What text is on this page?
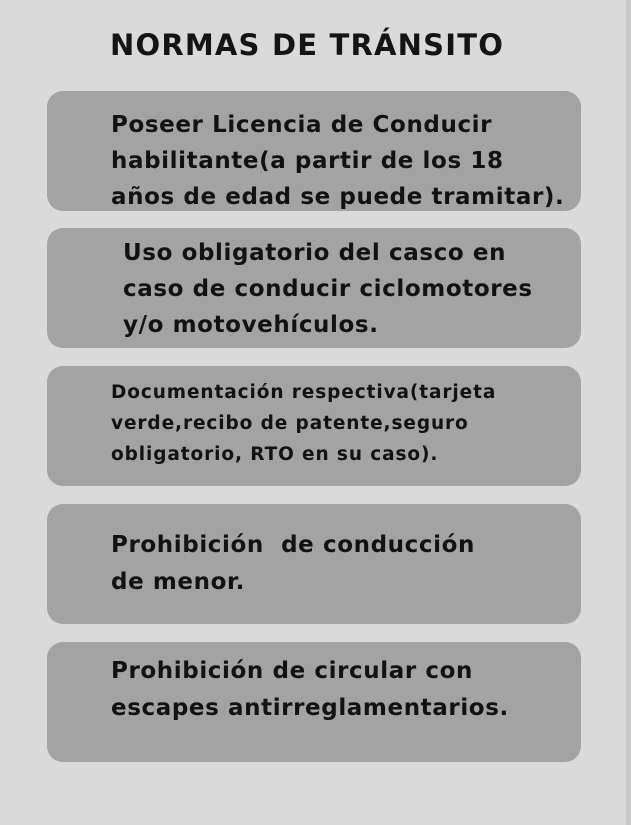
NORMAS DE TRÁNSITO
Poseer Licencia de Conducir
habilitante(a partir de los 18
años de edad se puede tramitar).
Uso obligatorio del casco en
caso de conducir ciclomotores
y/o motovehículos.
Documentación respectiva(tarjeta
verde,recibo de patente,seguro
obligatorio, RTO en su caso).
Prohibición  de conducción
de menor.
Prohibición de circular con
escapes antirreglamentarios.
